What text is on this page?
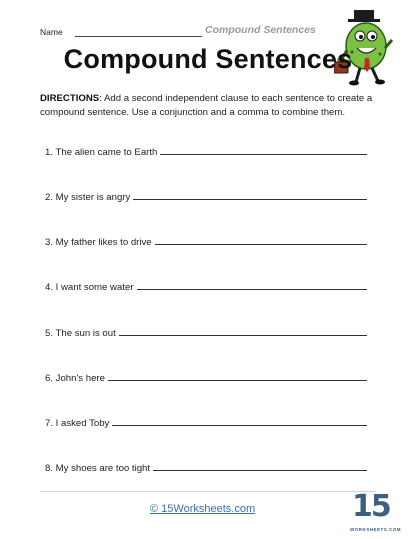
Name	Compound Sentences
Compound Sentences
DIRECTIONS: Add a second independent clause to each sentence to create a compound sentence. Use a conjunction and a comma to combine them.
1. The alien came to Earth
2. My sister is angry
3. My father likes to drive
4. I want some water
5. The sun is out
6. John's here
7. I asked Toby
8. My shoes are too tight
© 15Worksheets.com	15
WORKSHEETS.COM
